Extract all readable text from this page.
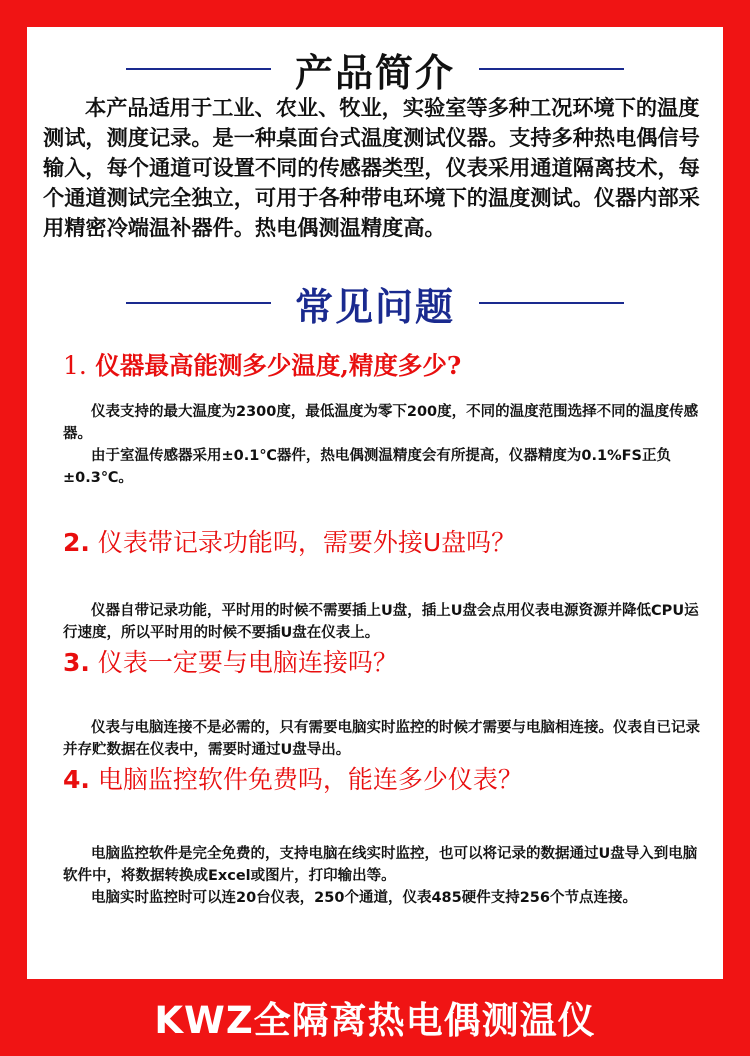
产品简介

本产品适用于工业、农业、牧业，实验室等多种工况环境下的温度测试，测度记录。是一种桌面台式温度测试仪器。支持多种热电偶信号输入，每个通道可设置不同的传感器类型，仪表采用通道隔离技术，每个通道测试完全独立，可用于各种带电环境下的温度测试。仪器内部采用精密冷端温补器件。热电偶测温精度高。

常见问题
1. 仪器最高能测多少温度,精度多少?

仪表支持的最大温度为2300度，最低温度为零下200度，不同的温度范围选择不同的温度传感器。

由于室温传感器采用±0.1℃器件，热电偶测温精度会有所提高，仪器精度为0.1%FS正负±0.3℃。

2. 仪表带记录功能吗，需要外接U盘吗？

仪器自带记录功能，平时用的时候不需要插上U盘，插上U盘会点用仪表电源资源并降低CPU运行速度，所以平时用的时候不要插U盘在仪表上。

3. 仪表一定要与电脑连接吗？

仪表与电脑连接不是必需的，只有需要电脑实时监控的时候才需要与电脑相连接。仪表自已记录并存贮数据在仪表中，需要时通过U盘导出。

4. 电脑监控软件免费吗，能连多少仪表？

电脑监控软件是完全免费的，支持电脑在线实时监控，也可以将记录的数据通过U盘导入到电脑软件中，将数据转换成Excel或图片，打印输出等。

电脑实时监控时可以连20台仪表，250个通道，仪表485硬件支持256个节点连接。

KWZ全隔离热电偶测温仪
